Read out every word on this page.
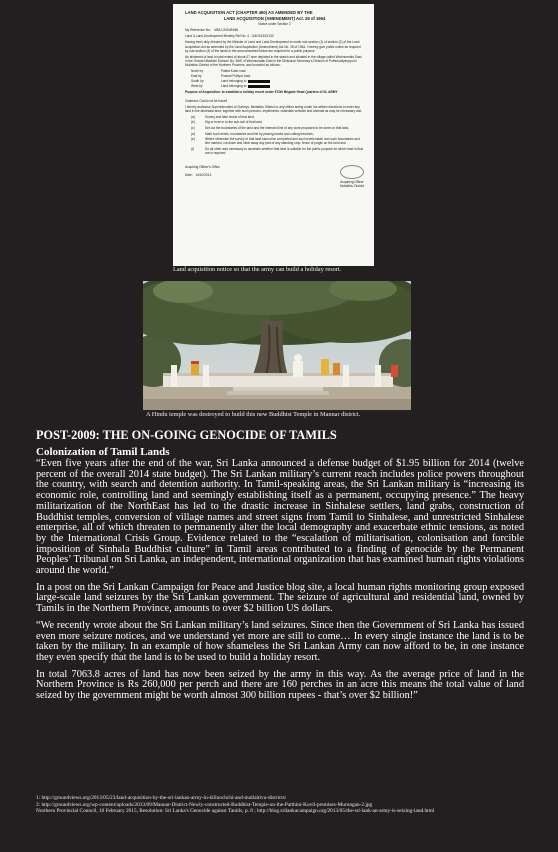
LAND ACQUISITION ACT (CHAPTER 460) AS AMENDED BY THE
LAND ACQUISITION (AMENDMENT) Act. 28 of 1964
Notice under Section 2
My Reference No:    M5/LLS/KN/N/66
Land & Land Development Ministry Ref No. 4 - 3/4/2013/D/132
Having been duly directed by the Minister of Land and Land Development to under sub section (1) of section (2) of the Land Acquisition Act as amended by the Land Acquisition (Amendment) Act No. 28 of 1964. I hereby give public notice as required by sub-section (3) of the lands in the area described below are required for a public purpose.
An allotment of land in total extent of about 07 acre depicted in the sketch and situated in the village called Wishnumotto East in the Grama Niladhari Division No. 65/E of Wishnumattu East in the Divisional Secretary's Division of Puthukudiyiruppu in Mullaitivu District of the Northern Province, and bounded as follows:
North by	Pallea Kudu road
East by	Puskari Pulliyur road
South by	Land belonging to
West by	Land belonging to
Purpose of Acquisition: to establish a holiday resort under 572th Brigade Head Quarters of SL ARMY
Claimant: Could not be traced
I hereby authorise Superintendent of Surveys, Mullaitivu District or any officer acting under his written directions to enter any land in the aforesaid area, together with such persons, implements, materials vehicles and animals as may be necessary and
(a)	Survey and take levels of that land,
(b)	Dig or bore in to the sub-soil of that land,
(c)	Set out the boundaries of the land and the intended line of any work proposed to be done on that land,
(d)	Mark such levels, boundaries and line by placing marks and cutting trenches,
(e)	Where otherwise the survey of that land cannot be completed and such levels taken and such boundaries and line marked, cut down and clear away any part of any standing crop, fence of jungle on the land and
(f)	Do all other acts necessary to ascertain whether that land is suitable for the public purpose for which land in that are is required
Acquiring Officer's Office
Date:   14/10/2013
Acquiring Officer
Mullaitivu District
Land acquisition notice so that the army can build a holiday resort.
A Hindu temple was destroyed to build this new Buddhist Temple in Mannar district.
POST-2009: THE ON-GOING GENOCIDE OF TAMILS
Colonization of Tamil Lands

“Even five years after the end of the war, Sri Lanka announced a defense budget of $1.95 billion for 2014 (twelve percent of the overall 2014 state budget). The Sri Lankan military’s current reach includes police powers throughout the country, with search and detention authority. In Tamil-speaking areas, the Sri Lankan military is “increasing its economic role, controlling land and seemingly establishing itself as a permanent, occupying presence.” The heavy militarization of the NorthEast has led to the drastic increase in Sinhalese settlers, land grabs, construction of Buddhist temples, conversion of village names and street signs from Tamil to Sinhalese, and unrestricted Sinhalese enterprise, all of which threaten to permanently alter the local demography and exacerbate ethnic tensions, as noted by the International Crisis Group. Evidence related to the “escalation of militarisation, colonisation and forcible imposition of Sinhala Buddhist culture” in Tamil areas contributed to a finding of genocide by the Permanent Peoples’ Tribunal on Sri Lanka, an independent, international organization that has examined human rights violations around the world.”

In a post on the Sri Lankan Campaign for Peace and Justice blog site, a local human rights monitoring group exposed large-scale land seizures by the Sri Lankan government. The seizure of agricultural and residential land, owned by Tamils in the Northern Province, amounts to over $2 billion US dollars.

“We recently wrote about the Sri Lankan military’s land seizures. Since then the Government of Sri Lanka has issued even more seizure notices, and we understand yet more are still to come… In every single instance the land is to be taken by the military. In an example of how shameless the Sri Lankan Army can now afford to be, in one instance they even specify that the land is to be used to build a holiday resort.

In total 7063.8 acres of land has now been seized by the army in this way. As the average price of land in the Northern Province is Rs 260,000 per perch and there are 160 perches in an acre this means the total value of land seized by the government might be worth almost 300 billion rupees - that’s over $2 billion!”

1: http://groundviews.org/2013/05/23/land-acquisition-by-the-sri-lankan-army-in-kilinochchi-and-mullaitivu-districts/
2: http://groundviews.org/wp-content/uploads/2013/09/Mannar-District-Newly-constructed-Buddhist-Temple-on-the-Patthini-Kovil-premises-Murungan-2.jpg
Northern Provincial Council, 10 February 2015, Resolution: Sri Lanka's Genocide against Tamils, p. 8 ; http://blog.srilankacampaign.org/2013/05/the-sri-lank-an-army-is-seizing-land.html
